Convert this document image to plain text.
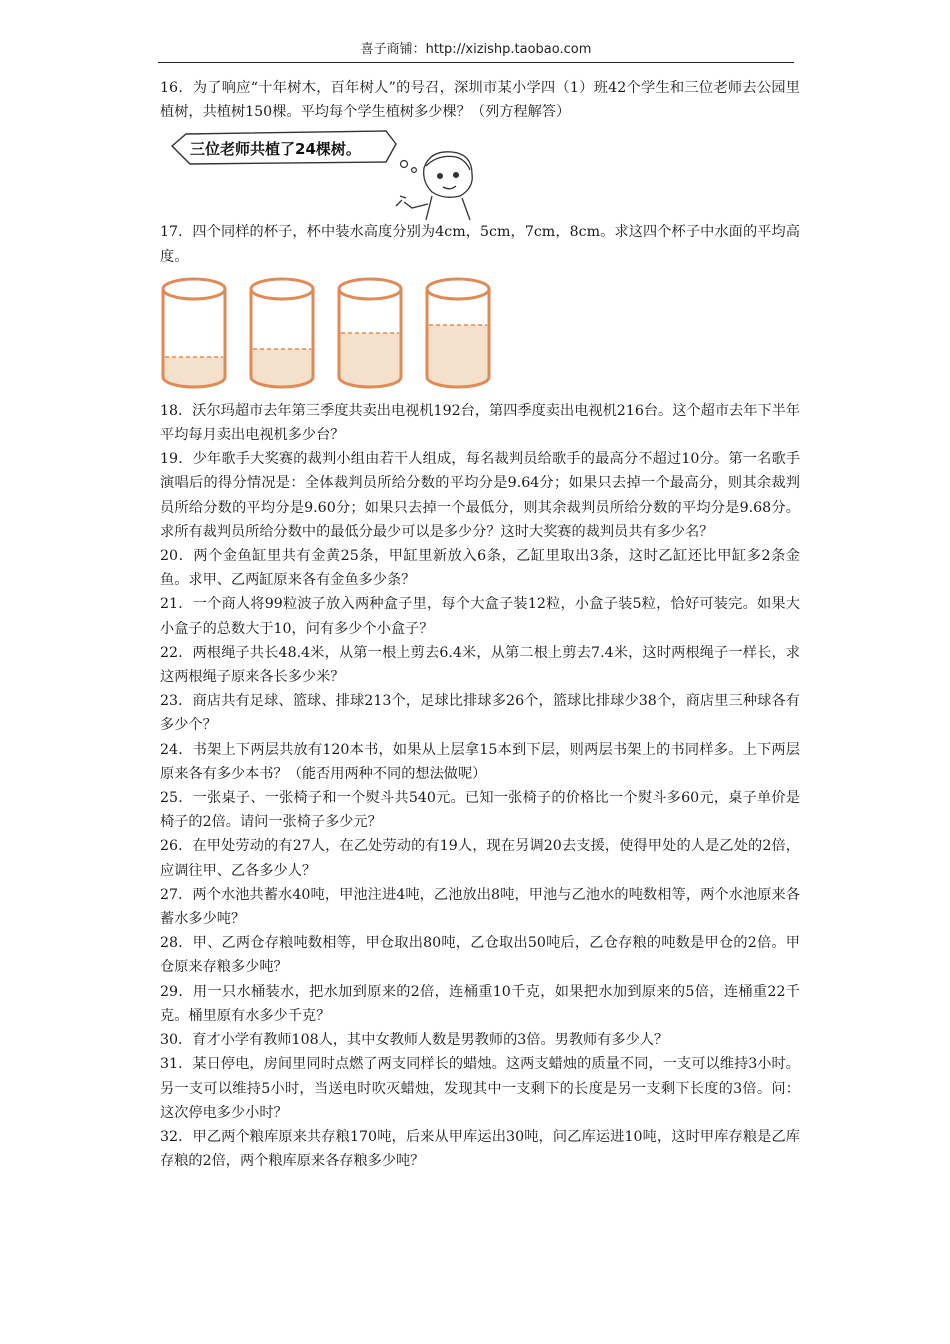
喜子商铺：http://xizishp.taobao.com

16．为了响应“十年树木，百年树人”的号召，深圳市某小学四（1）班42个学生和三位老师去公园里植树，共植树150棵。平均每个学生植树多少棵？（列方程解答）

三位老师共植了24棵树。

17．四个同样的杯子，杯中装水高度分别为4cm，5cm，7cm，8cm。求这四个杯子中水面的平均高度。

18．沃尔玛超市去年第三季度共卖出电视机192台，第四季度卖出电视机216台。这个超市去年下半年平均每月卖出电视机多少台？

19．少年歌手大奖赛的裁判小组由若干人组成，每名裁判员给歌手的最高分不超过10分。第一名歌手演唱后的得分情况是：全体裁判员所给分数的平均分是9.64分；如果只去掉一个最高分，则其余裁判员所给分数的平均分是9.60分；如果只去掉一个最低分，则其余裁判员所给分数的平均分是9.68分。求所有裁判员所给分数中的最低分最少可以是多少分？这时大奖赛的裁判员共有多少名？

20．两个金鱼缸里共有金黄25条，甲缸里新放入6条，乙缸里取出3条，这时乙缸还比甲缸多2条金鱼。求甲、乙两缸原来各有金鱼多少条？

21．一个商人将99粒波子放入两种盒子里，每个大盒子装12粒，小盒子装5粒，恰好可装完。如果大小盒子的总数大于10，问有多少个小盒子？

22．两根绳子共长48.4米，从第一根上剪去6.4米，从第二根上剪去7.4米，这时两根绳子一样长，求这两根绳子原来各长多少米？

23．商店共有足球、篮球、排球213个，足球比排球多26个，篮球比排球少38个，商店里三种球各有多少个？

24．书架上下两层共放有120本书，如果从上层拿15本到下层，则两层书架上的书同样多。上下两层原来各有多少本书？（能否用两种不同的想法做呢）

25．一张桌子、一张椅子和一个熨斗共540元。已知一张椅子的价格比一个熨斗多60元，桌子单价是椅子的2倍。请问一张椅子多少元？

26．在甲处劳动的有27人，在乙处劳动的有19人，现在另调20去支援，使得甲处的人是乙处的2倍，应调往甲、乙各多少人？

27．两个水池共蓄水40吨，甲池注进4吨，乙池放出8吨，甲池与乙池水的吨数相等，两个水池原来各蓄水多少吨？

28．甲、乙两仓存粮吨数相等，甲仓取出80吨，乙仓取出50吨后，乙仓存粮的吨数是甲仓的2倍。甲仓原来存粮多少吨？

29．用一只水桶装水，把水加到原来的2倍，连桶重10千克，如果把水加到原来的5倍，连桶重22千克。桶里原有水多少千克？

30．育才小学有教师108人，其中女教师人数是男教师的3倍。男教师有多少人？

31．某日停电，房间里同时点燃了两支同样长的蜡烛。这两支蜡烛的质量不同，一支可以维持3小时。另一支可以维持5小时，当送电时吹灭蜡烛，发现其中一支剩下的长度是另一支剩下长度的3倍。问：这次停电多少小时？

32．甲乙两个粮库原来共存粮170吨，后来从甲库运出30吨，问乙库运进10吨，这时甲库存粮是乙库存粮的2倍，两个粮库原来各存粮多少吨？
